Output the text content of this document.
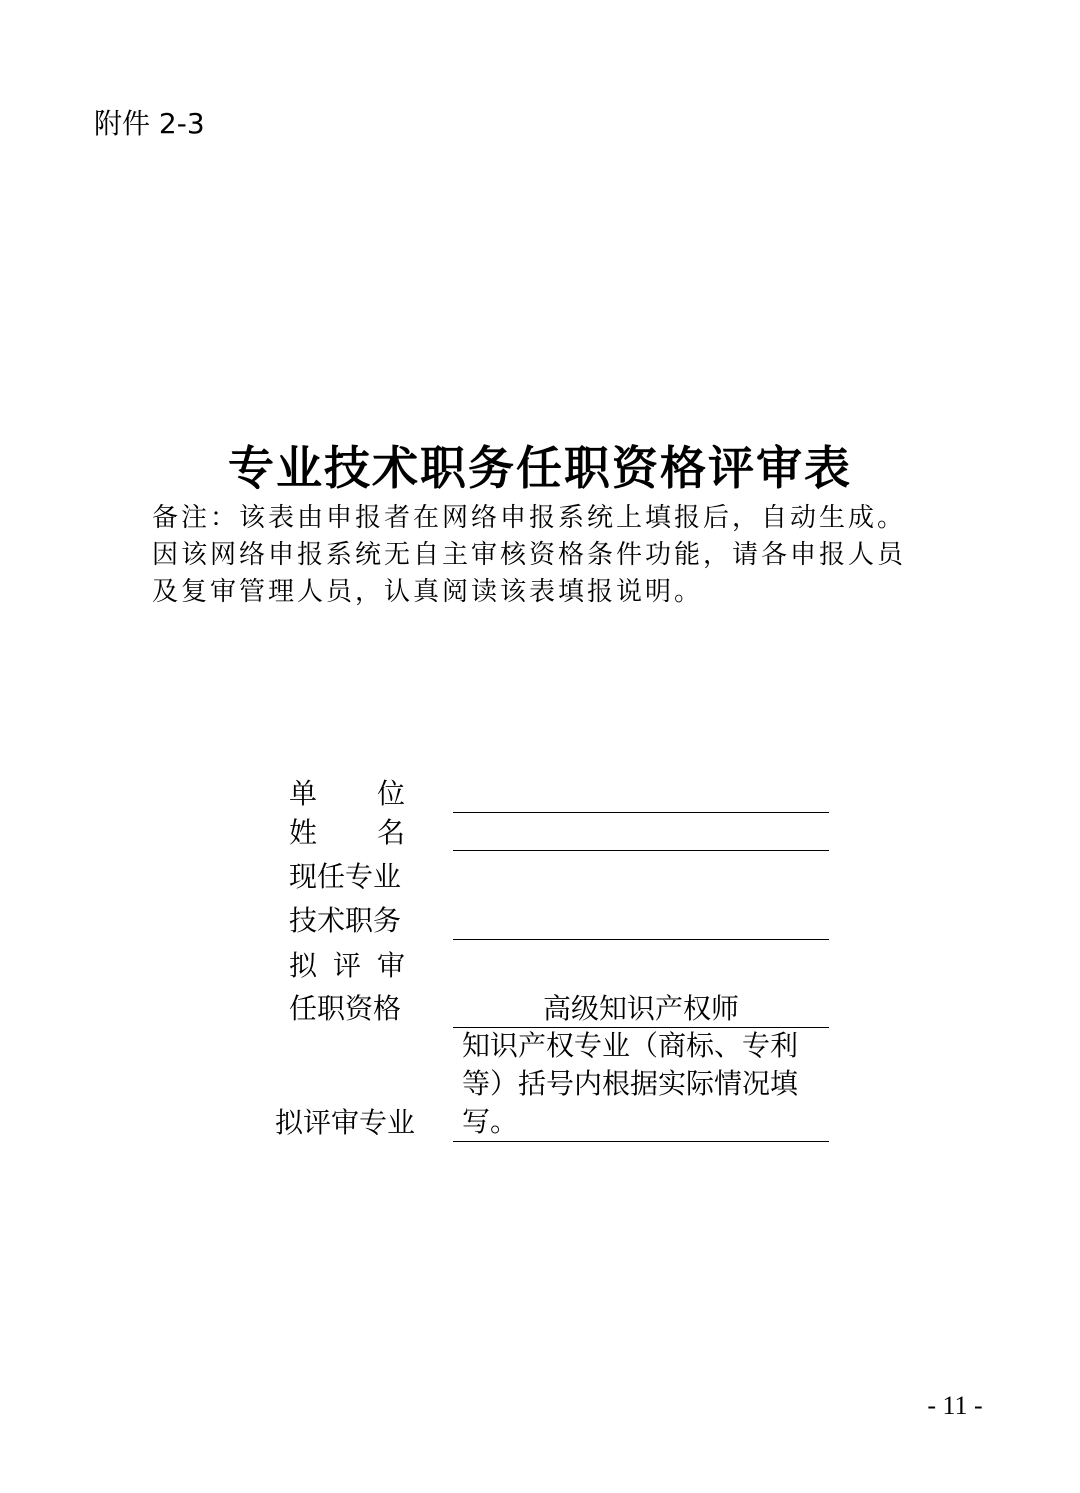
附件 2-3
专业技术职务任职资格评审表

备注：该表由申报者在网络申报系统上填报后，自动生成。

因该网络申报系统无自主审核资格条件功能，请各申报人员

及复审管理人员，认真阅读该表填报说明。

单 位
姓 名
现任专业
技术职务
拟 评 审
任职资格	高级知识产权师

知识产权专业（商标、专利

等）括号内根据实际情况填

写。

拟评审专业
- 11 -
